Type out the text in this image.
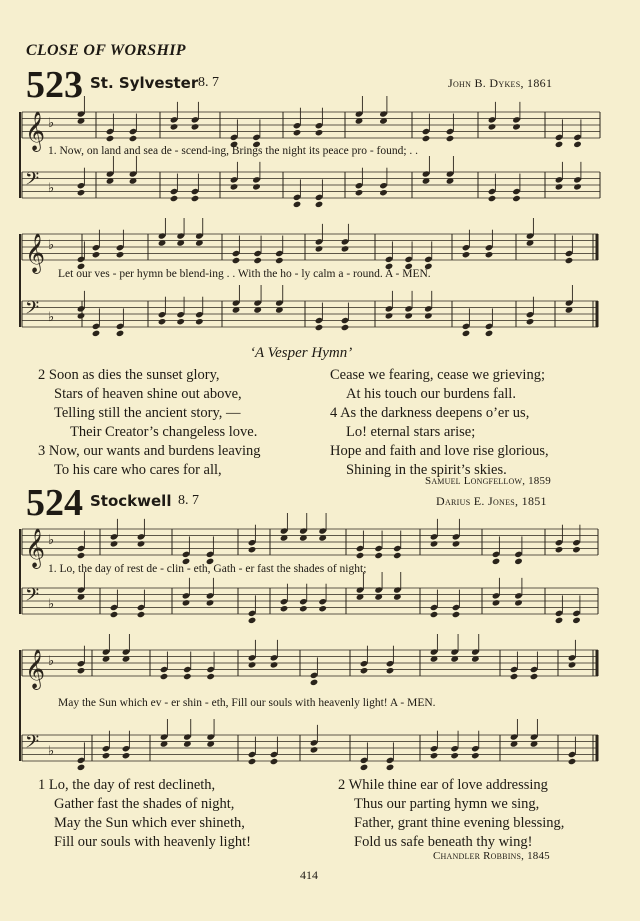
CLOSE OF WORSHIP
523 St. Sylvester 8. 7	John B. Dykes, 1861
𝄞 ♭
𝄢 ♭
𝄞 ♭
𝄢 ♭
𝄞 ♭
𝄢 ♭
𝄞 ♭
𝄢 ♭
1. Now, on land and sea de - scend-ing, Brings the night its peace pro - found; . .
Let our ves - per hymn be blend-ing . . With the ho - ly calm a - round. A - MEN.
‘A Vesper Hymn’
2 Soon as dies the sunset glory,
Stars of heaven shine out above,
Telling still the ancient story, —
Their Creator’s changeless love.
3 Now, our wants and burdens leaving
To his care who cares for all,
Cease we fearing, cease we grieving;
At his touch our burdens fall.
4 As the darkness deepens o’er us,
Lo! eternal stars arise;
Hope and faith and love rise glorious,
Shining in the spirit’s skies.
Samuel Longfellow, 1859
524 Stockwell 8. 7	Darius E. Jones, 1851
1. Lo, the day of rest de - clin - eth, Gath - er fast the shades of night;
May the Sun which ev - er shin - eth, Fill our souls with heavenly light! A - MEN.
1 Lo, the day of rest declineth,
Gather fast the shades of night,
May the Sun which ever shineth,
Fill our souls with heavenly light!
2 While thine ear of love addressing
Thus our parting hymn we sing,
Father, grant thine evening blessing,
Fold us safe beneath thy wing!
Chandler Robbins, 1845
414
